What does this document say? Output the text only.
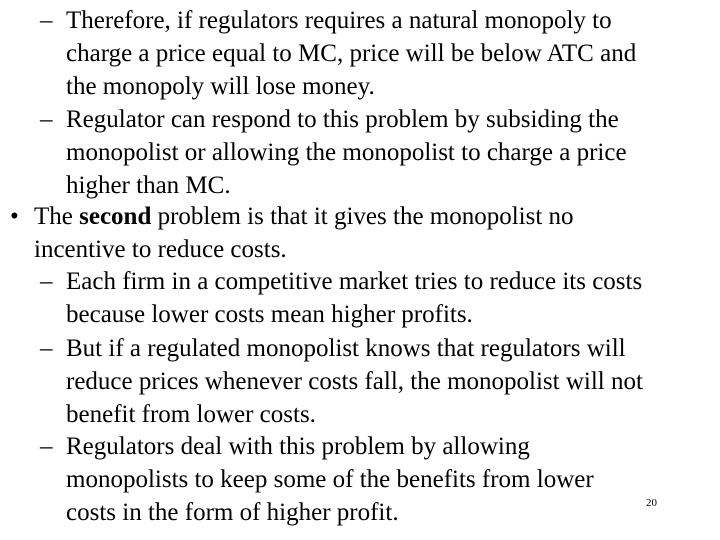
– Therefore, if regulators requires a natural monopoly to
charge a price equal to MC, price will be below ATC and
the monopoly will lose money.
– Regulator can respond to this problem by subsiding the
monopolist or allowing the monopolist to charge a price
higher than MC.
• The second problem is that it gives the monopolist no
incentive to reduce costs.
– Each firm in a competitive market tries to reduce its costs
because lower costs mean higher profits.
– But if a regulated monopolist knows that regulators will
reduce prices whenever costs fall, the monopolist will not
benefit from lower costs.
– Regulators deal with this problem by allowing
monopolists to keep some of the benefits from lower
costs in the form of higher profit.	20
